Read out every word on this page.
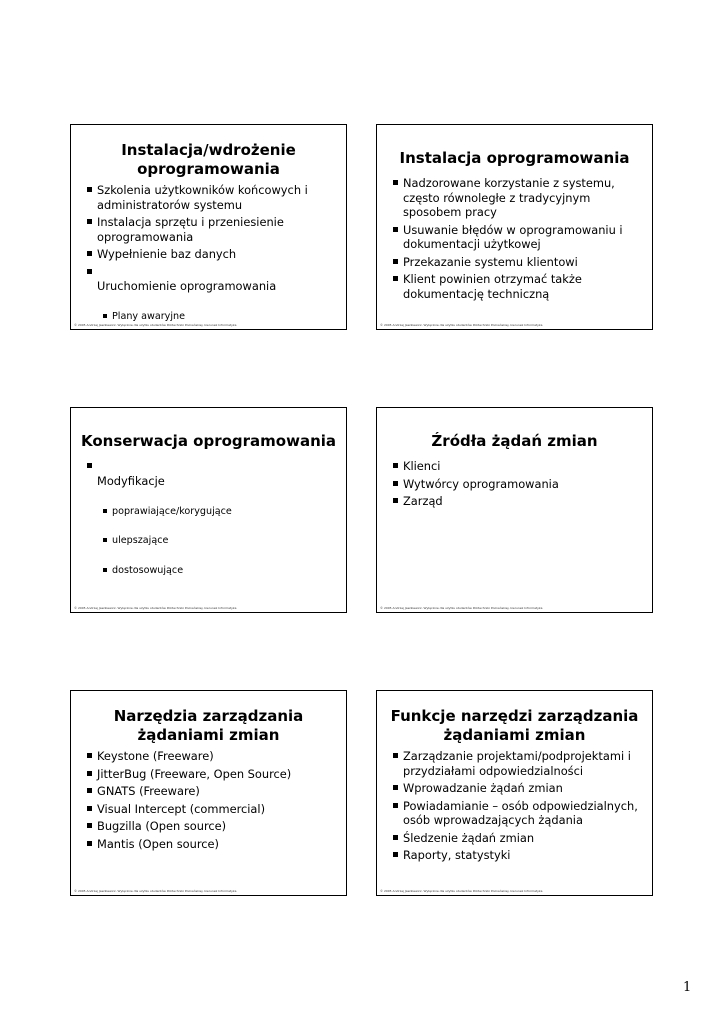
Instalacja/wdrożenie
oprogramowania
Szkolenia użytkowników końcowych i
administratorów systemu
Instalacja sprzętu i przeniesienie
oprogramowania
Wypełnienie baz danych

Uruchomienie oprogramowania

Plany awaryjne

© 2005 Andrzej Jaszkiewicz. Wyłącznie dla użytku studentów Politechniki Poznańskiej, kierunek Informatyka
Instalacja oprogramowania
Nadzorowane korzystanie z systemu,
często równoległe z tradycyjnym
sposobem pracy
Usuwanie błędów w oprogramowaniu i
dokumentacji użytkowej
Przekazanie systemu klientowi
Klient powinien otrzymać także
dokumentację techniczną
© 2005 Andrzej Jaszkiewicz. Wyłącznie dla użytku studentów Politechniki Poznańskiej, kierunek Informatyka
Konserwacja oprogramowania

Modyfikacje

poprawiające/korygujące

ulepszające

dostosowujące

© 2005 Andrzej Jaszkiewicz. Wyłącznie dla użytku studentów Politechniki Poznańskiej, kierunek Informatyka
Źródła żądań zmian
Klienci
Wytwórcy oprogramowania
Zarząd
© 2005 Andrzej Jaszkiewicz. Wyłącznie dla użytku studentów Politechniki Poznańskiej, kierunek Informatyka
Narzędzia zarządzania
żądaniami zmian
Keystone (Freeware)
JitterBug (Freeware, Open Source)
GNATS (Freeware)
Visual Intercept (commercial)
Bugzilla (Open source)
Mantis (Open source)
© 2005 Andrzej Jaszkiewicz. Wyłącznie dla użytku studentów Politechniki Poznańskiej, kierunek Informatyka
Funkcje narzędzi zarządzania
żądaniami zmian
Zarządzanie projektami/podprojektami i
przydziałami odpowiedzialności
Wprowadzanie żądań zmian
Powiadamianie – osób odpowiedzialnych,
osób wprowadzających żądania
Śledzenie żądań zmian
Raporty, statystyki
© 2005 Andrzej Jaszkiewicz. Wyłącznie dla użytku studentów Politechniki Poznańskiej, kierunek Informatyka
1
